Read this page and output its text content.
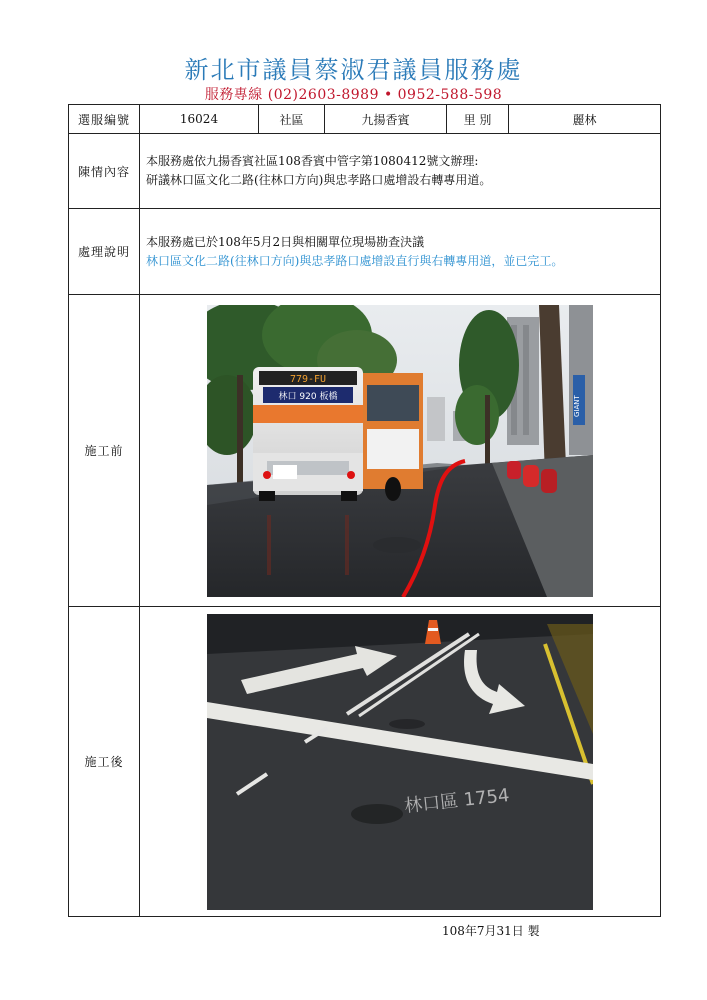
新北市議員蔡淑君議員服務處
服務專線 (02)2603-8989 • 0952-588-598
選服編號	16024	社區	九揚香賓	里 別	麗林
陳情內容	本服務處依九揚香賓社區108香賓中管字第1080412號文辦理:
研議林口區文化二路(往林口方向)與忠孝路口處增設右轉專用道。				

處理說明	本服務處已於108年5月2日與相關單位現場勘查決議
林口區文化二路(往林口方向)與忠孝路口處增設直行與右轉專用道，並已完工。				

施工前	GIANT
779-FU
林口 920 板橋				

施工後	林口區 1754				
108年7月31日 製
